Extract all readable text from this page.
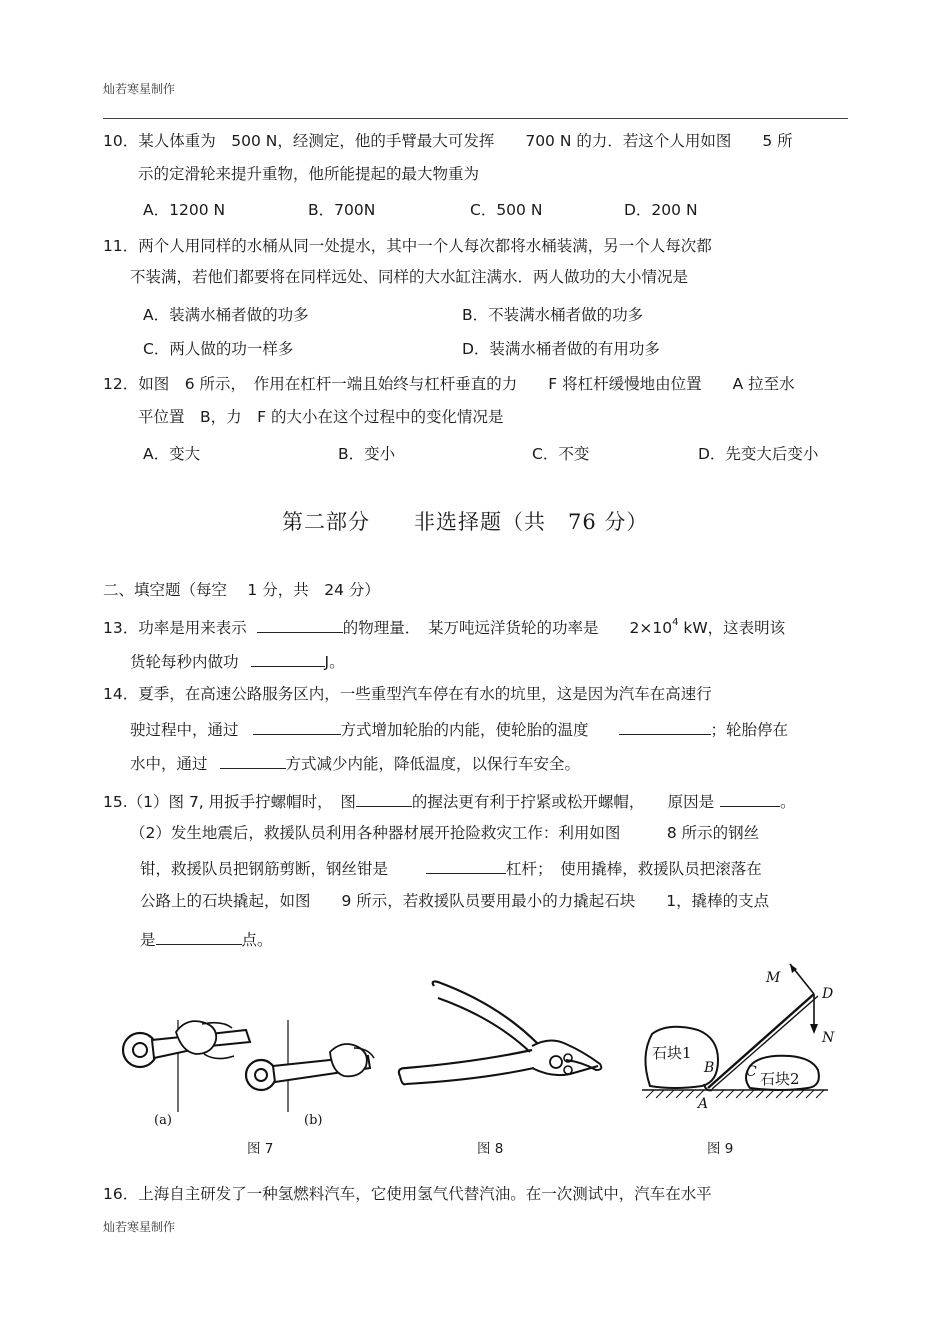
灿若寒星制作
10．某人体重为　500 N，经测定，他的手臂最大可发挥　　700 N 的力．若这个人用如图　　5 所
示的定滑轮来提升重物，他所能提起的最大物重为
A．1200 N	B．700N	C．500 N	D．200 N
11．两个人用同样的水桶从同一处提水，其中一个人每次都将水桶装满，另一个人每次都
不装满，若他们都要将在同样远处、同样的大水缸注满水．两人做功的大小情况是
A．装满水桶者做的功多	B．不装满水桶者做的功多
C．两人做的功一样多	D．装满水桶者做的有用功多
12．如图　6 所示，　作用在杠杆一端且始终与杠杆垂直的力　　F 将杠杆缓慢地由位置　　A 拉至水
平位置　B，力　F 的大小在这个过程中的变化情况是
A．变大	B．变小	C．不变	D．先变大后变小
第二部分　　非选择题（共　76 分）
二、填空题（每空　 1 分，共　24 分）
13．功率是用来表示	的物理量．　某万吨远洋货轮的功率是　　$2\times 10^4$ kW，这表明该
货轮每秒内做功	J。
14．夏季，在高速公路服务区内，一些重型汽车停在有水的坑里，这是因为汽车在高速行
驶过程中，通过	方式增加轮胎的内能，使轮胎的温度	；轮胎停在
水中，通过	方式减少内能，降低温度，以保行车安全。
15.（1）图 7, 用扳手拧螺帽时，　图	的握法更有利于拧紧或松开螺帽，　　原因是	。
（2）发生地震后，救援队员利用各种器材展开抢险救灾工作：利用如图　　　8 所示的钢丝
钳，救援队员把钢筋剪断，钢丝钳是	杠杆；　使用撬棒，救援队员把滚落在
公路上的石块撬起，如图　　9 所示，若救援队员要用最小的力撬起石块　　1，撬棒的支点
是	点。
(a)	(b)
M
D
N
B C
A
石块1
石块2
图 7	图 8	图 9
16．上海自主研发了一种氢燃料汽车，它使用氢气代替汽油。在一次测试中，汽车在水平
灿若寒星制作
